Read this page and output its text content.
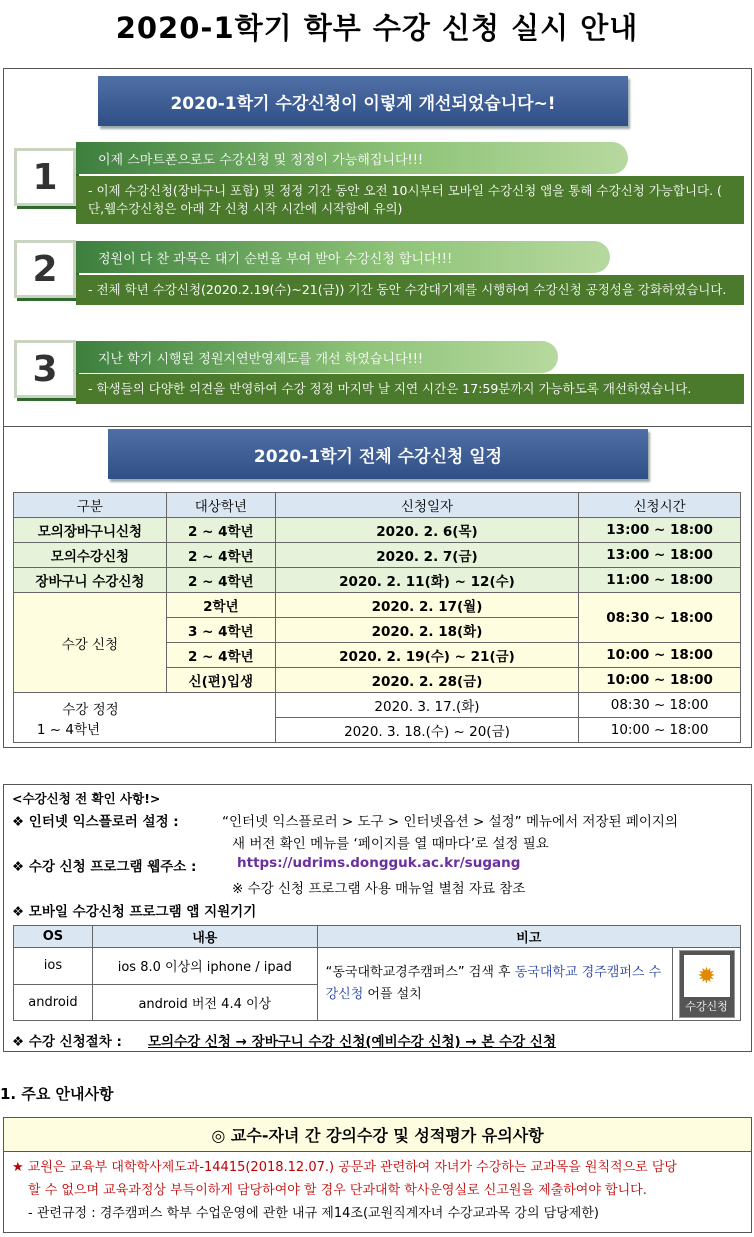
2020-1학기 학부 수강 신청 실시 안내
2020-1학기 수강신청이 이렇게 개선되었습니다~!
1	이제 스마트폰으로도 수강신청 및 정정이 가능해집니다!!!
- 이제 수강신청(장바구니 포함) 및 정정 기간 동안 오전 10시부터 모바일 수강신청 앱을 통해 수강신청 가능합니다. ( 단,웹수강신청은 아래 각 신청 시작 시간에 시작함에 유의)
2	정원이 다 찬 과목은 대기 순번을 부여 받아 수강신청 합니다!!!
- 전체 학년 수강신청(2020.2.19(수)~21(금)) 기간 동안 수강대기제를 시행하여 수강신청 공정성을 강화하였습니다.
3	지난 학기 시행된 정원지연반영제도를 개선 하였습니다!!!
- 학생들의 다양한 의견을 반영하여 수강 정정 마지막 날 지연 시간은 17:59분까지 가능하도록 개선하였습니다.
2020-1학기 전체 수강신청 일정
구분	대상학년	신청일자	신청시간
모의장바구니신청	2 ~ 4학년	2020. 2. 6(목)	13:00 ~ 18:00
모의수강신청	2 ~ 4학년	2020. 2. 7(금)	13:00 ~ 18:00
장바구니 수강신청	2 ~ 4학년	2020. 2. 11(화) ~ 12(수)	11:00 ~ 18:00
수강 신청	2학년	2020. 2. 17(월)	08:30 ~ 18:00
	3 ~ 4학년	2020. 2. 18(화)	
	2 ~ 4학년	2020. 2. 19(수) ~ 21(금)	10:00 ~ 18:00
	신(편)입생	2020. 2. 28(금)	10:00 ~ 18:00
수강 정정1 ~ 4학년		2020. 3. 17.(화)	08:30 ~ 18:00
		2020. 3. 18.(수) ~ 20(금)	10:00 ~ 18:00
<수강신청 전 확인 사항!>
❖ 인터넷 익스플로러 설정 :	“인터넷 익스플로러 > 도구 > 인터넷옵션 > 설정” 메뉴에서 저장된 페이지의
새 버전 확인 메뉴를 ‘페이지를 열 때마다’로 설정 필요
❖ 수강 신청 프로그램 웹주소 :	https://udrims.dongguk.ac.kr/sugang
※ 수강 신청 프로그램 사용 매뉴얼 별첨 자료 참조
❖ 모바일 수강신청 프로그램 앱 지원기기
OS	내용	비고	
ios	ios 8.0 이상의 iphone / ipad	“동국대학교경주캠퍼스” 검색 후 동국대학교 경주캠퍼스 수강신청 어플 설치	✹
수강신청

android	android 버전 4.4 이상		
❖ 수강 신청절차 : 모의수강 신청 → 장바구니 수강 신청(예비수강 신청) → 본 수강 신청
1. 주요 안내사항
◎ 교수-자녀 간 강의수강 및 성적평가 유의사항
★ 교원은 교육부 대학학사제도과-14415(2018.12.07.) 공문과 관련하여 자녀가 수강하는 교과목을 원칙적으로 담당
할 수 없으며 교육과정상 부득이하게 담당하여야 할 경우 단과대학 학사운영실로 신고원을 제출하여야 합니다.
- 관련규정 : 경주캠퍼스 학부 수업운영에 관한 내규 제14조(교원직계자녀 수강교과목 강의 담당제한)
